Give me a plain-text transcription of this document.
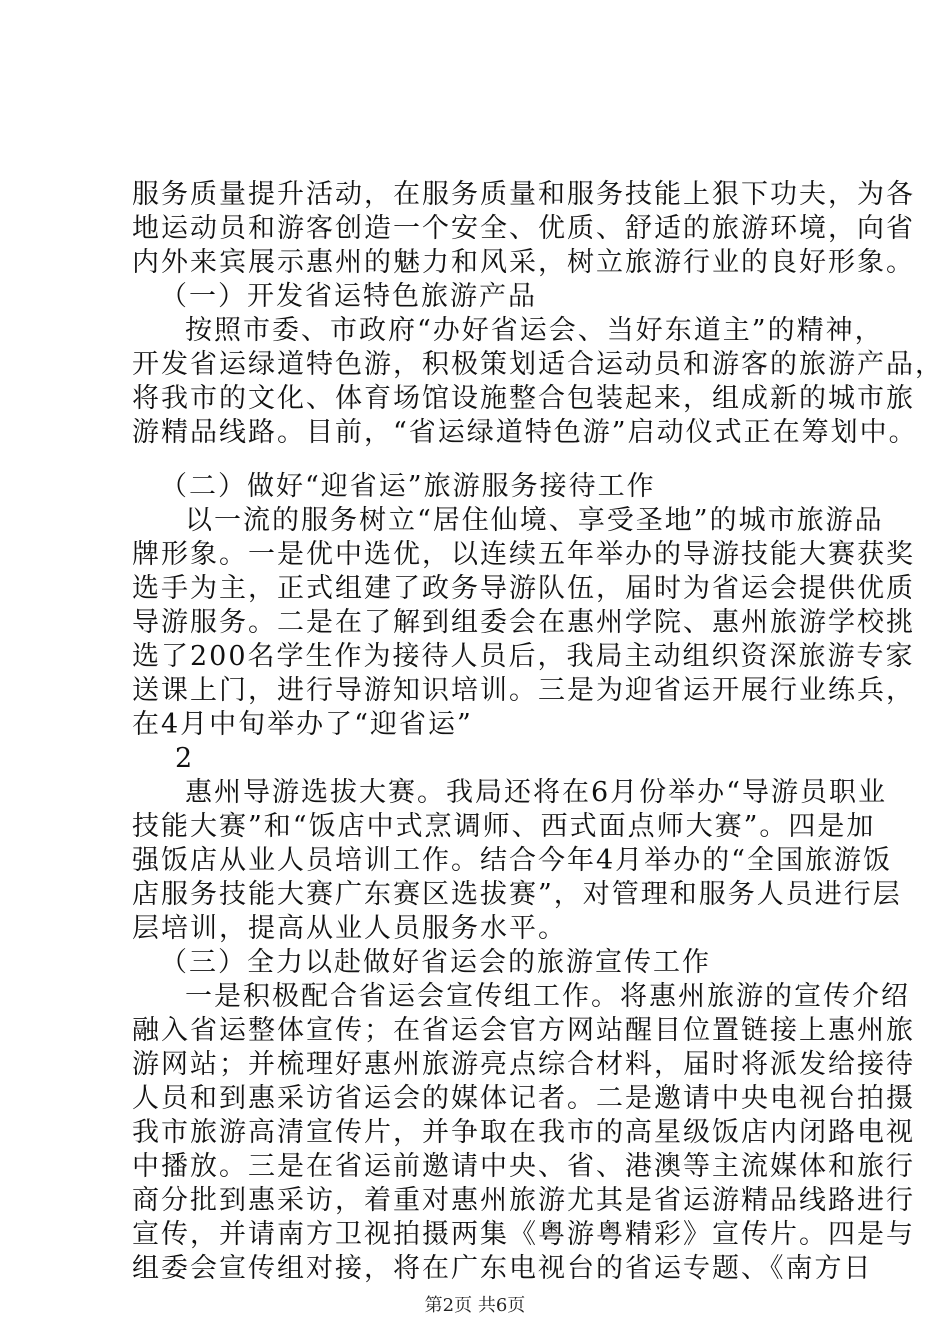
服务质量提升活动，在服务质量和服务技能上狠下功夫，为各
地运动员和游客创造一个安全、优质、舒适的旅游环境，向省
内外来宾展示惠州的魅力和风采，树立旅游行业的良好形象。
（一）开发省运特色旅游产品
按照市委、市政府“办好省运会、当好东道主”的精神，
开发省运绿道特色游，积极策划适合运动员和游客的旅游产品，
将我市的文化、体育场馆设施整合包装起来，组成新的城市旅
游精品线路。目前，“省运绿道特色游”启动仪式正在筹划中。
（二）做好“迎省运”旅游服务接待工作
以一流的服务树立“居住仙境、享受圣地”的城市旅游品
牌形象。一是优中选优，以连续五年举办的导游技能大赛获奖
选手为主，正式组建了政务导游队伍，届时为省运会提供优质
导游服务。二是在了解到组委会在惠州学院、惠州旅游学校挑
选了200名学生作为接待人员后，我局主动组织资深旅游专家
送课上门，进行导游知识培训。三是为迎省运开展行业练兵，
在4月中旬举办了“迎省运”
2
惠州导游选拔大赛。我局还将在6月份举办“导游员职业
技能大赛”和“饭店中式烹调师、西式面点师大赛”。四是加
强饭店从业人员培训工作。结合今年4月举办的“全国旅游饭
店服务技能大赛广东赛区选拔赛”，对管理和服务人员进行层
层培训，提高从业人员服务水平。
（三）全力以赴做好省运会的旅游宣传工作
一是积极配合省运会宣传组工作。将惠州旅游的宣传介绍
融入省运整体宣传；在省运会官方网站醒目位置链接上惠州旅
游网站；并梳理好惠州旅游亮点综合材料，届时将派发给接待
人员和到惠采访省运会的媒体记者。二是邀请中央电视台拍摄
我市旅游高清宣传片，并争取在我市的高星级饭店内闭路电视
中播放。三是在省运前邀请中央、省、港澳等主流媒体和旅行
商分批到惠采访，着重对惠州旅游尤其是省运游精品线路进行
宣传，并请南方卫视拍摄两集《粤游粤精彩》宣传片。四是与
组委会宣传组对接，将在广东电视台的省运专题、《南方日
第2页 共6页
